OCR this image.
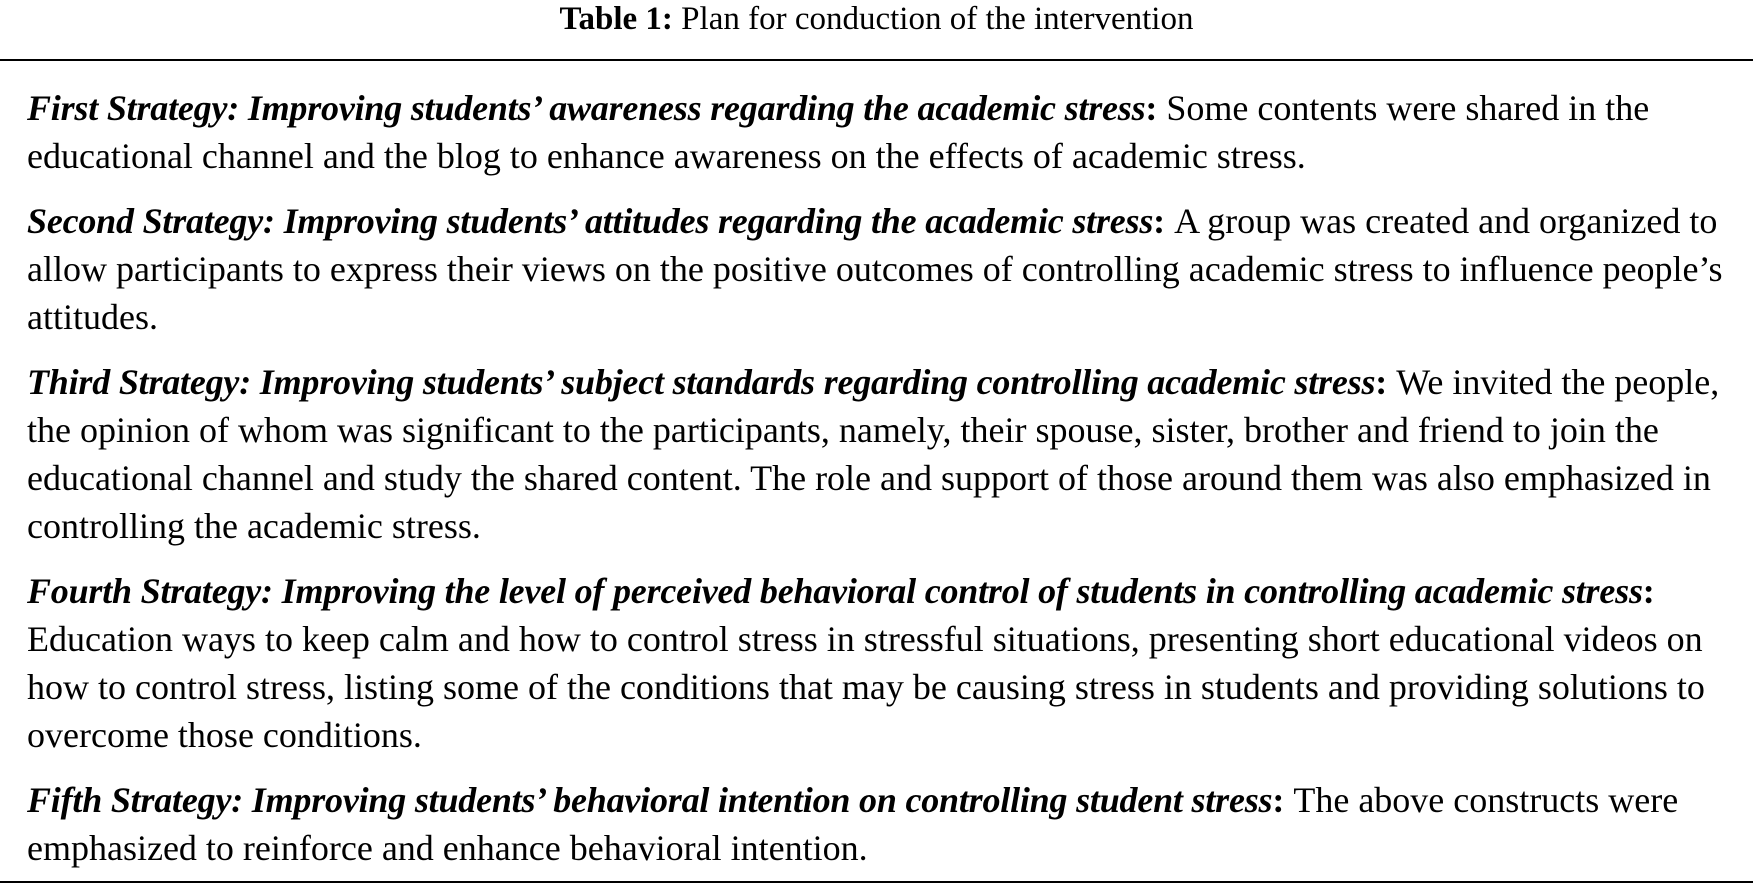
Table 1: Plan for conduction of the intervention

First Strategy: Improving students’ awareness regarding the academic stress: Some contents were shared in the educational channel and the blog to enhance awareness on the effects of academic stress.

Second Strategy: Improving students’ attitudes regarding the academic stress: A group was created and organized to allow participants to express their views on the positive outcomes of controlling academic stress to influence people’s attitudes.

Third Strategy: Improving students’ subject standards regarding controlling academic stress: We invited the people, the opinion of whom was significant to the participants, namely, their spouse, sister, brother and friend to join the educational channel and study the shared content. The role and support of those around them was also emphasized in controlling the academic stress.

Fourth Strategy: Improving the level of perceived behavioral control of students in controlling academic stress: Education ways to keep calm and how to control stress in stressful situations, presenting short educational videos on how to control stress, listing some of the conditions that may be causing stress in students and providing solutions to overcome those conditions.

Fifth Strategy: Improving students’ behavioral intention on controlling student stress: The above constructs were emphasized to reinforce and enhance behavioral intention.
